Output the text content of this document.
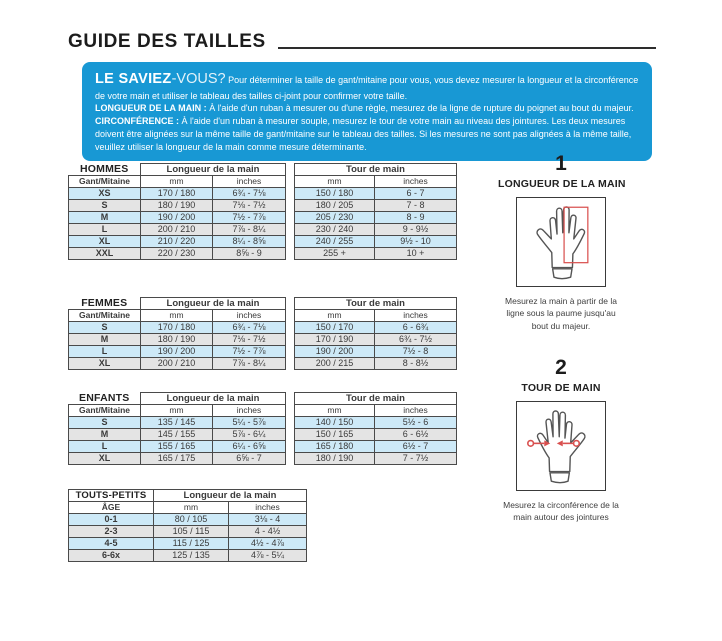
GUIDE DES TAILLES

LE SAVIEZ-VOUS? Pour déterminer la taille de gant/mitaine pour vous, vous devez mesurer la longueur et la circonférence de votre main et utiliser le tableau des tailles ci-joint pour confirmer votre taille.

LONGUEUR DE LA MAIN : À l'aide d'un ruban à mesurer ou d'une règle, mesurez de la ligne de rupture du poignet au bout du majeur.

CIRCONFÉRENCE : À l'aide d'un ruban à mesurer souple, mesurez le tour de votre main au niveau des jointures. Les deux mesures doivent être alignées sur la même taille de gant/mitaine sur le tableau des tailles. Si les mesures ne sont pas alignées à la même taille, veuillez utiliser la longueur de la main comme mesure déterminante.

HOMMES	Longueur de la main	
Gant/Mitaine	mm	inches
XS	170 / 180	6¾ - 7⅛
S	180 / 190	7⅛ - 7½
M	190 / 200	7½ - 7⅞
L	200 / 210	7⅞ - 8¼
XL	210 / 220	8¼ - 8⅝
XXL	220 / 230	8⅝ - 9
Tour de main	
mm	inches
150 / 180	6 - 7
180 / 205	7 - 8
205 / 230	8 - 9
230 / 240	9 - 9½
240 / 255	9½ - 10
255 +	10 +
FEMMES	Longueur de la main	
Gant/Mitaine	mm	inches
S	170 / 180	6¾ - 7⅛
M	180 / 190	7⅛ - 7½
L	190 / 200	7½ - 7⅞
XL	200 / 210	7⅞ - 8¼
Tour de main	
mm	inches
150 / 170	6 - 6¾
170 / 190	6¾ - 7½
190 / 200	7½ - 8
200 / 215	8 - 8½
ENFANTS	Longueur de la main	
Gant/Mitaine	mm	inches
S	135 / 145	5¼ - 5⅞
M	145 / 155	5⅞ - 6¼
L	155 / 165	6¼ - 6⅝
XL	165 / 175	6⅝ - 7
Tour de main	
mm	inches
140 / 150	5½ - 6
150 / 165	6 - 6½
165 / 180	6½ - 7
180 / 190	7 - 7½
TOUTS-PETITS	Longueur de la main	
ÂGE	mm	inches
0-1	80 / 105	3⅛ - 4
2-3	105 / 115	4 - 4½
4-5	115 / 125	4½ - 4⅞
6-6x	125 / 135	4⅞ - 5¼
1
LONGUEUR DE LA MAIN
Mesurez la main à partir de la ligne sous la paume jusqu'au bout du majeur.
2
TOUR DE MAIN
Mesurez la circonférence de la main autour des jointures
